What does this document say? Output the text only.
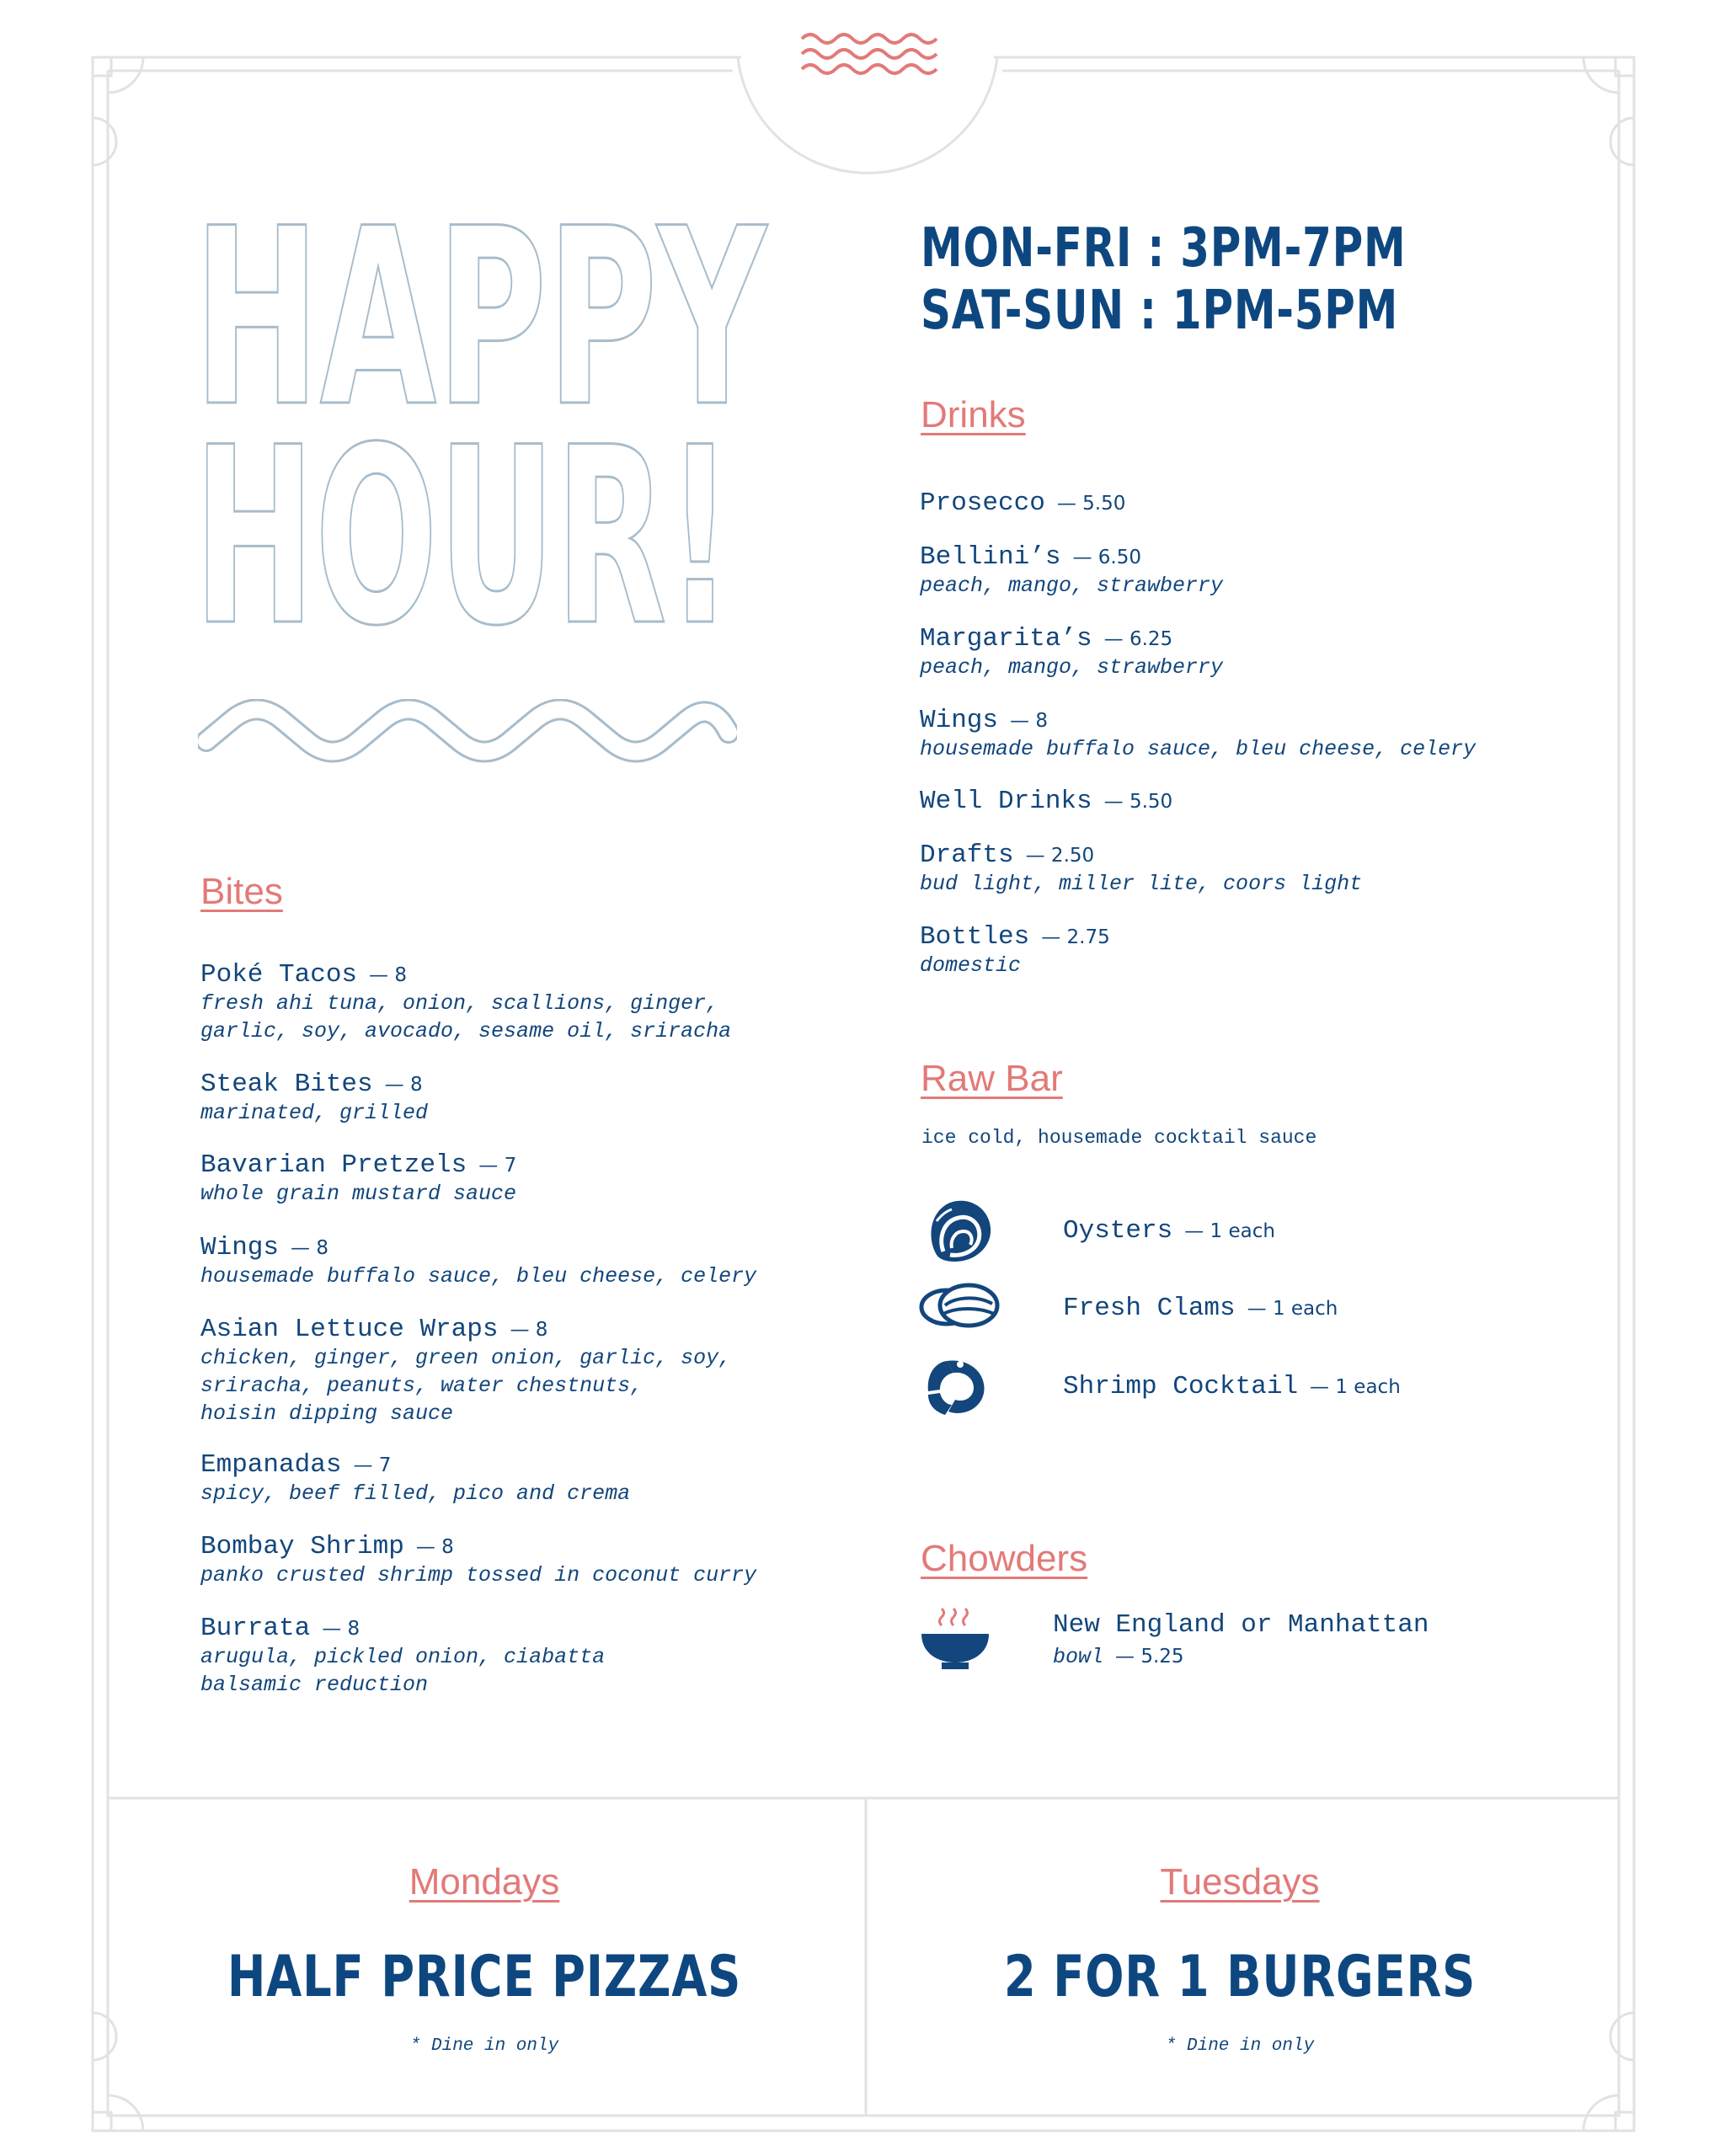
HAPPY
HOUR!
MON-FRI : 3PM-7PM
SAT-SUN : 1PM-5PM
Drinks
Prosecco — 5.50
Bellini’s — 6.50
peach, mango, strawberry
Margarita’s — 6.25
peach, mango, strawberry
Wings — 8
housemade buffalo sauce, bleu cheese, celery
Well Drinks — 5.50
Drafts — 2.50
bud light, miller lite, coors light
Bottles — 2.75
domestic
Bites
Poké Tacos — 8
fresh ahi tuna, onion, scallions, ginger,
garlic, soy, avocado, sesame oil, sriracha
Steak Bites — 8
marinated, grilled
Bavarian Pretzels — 7
whole grain mustard sauce
Wings — 8
housemade buffalo sauce, bleu cheese, celery
Asian Lettuce Wraps — 8
chicken, ginger, green onion, garlic, soy,
sriracha, peanuts, water chestnuts,
hoisin dipping sauce
Empanadas — 7
spicy, beef filled, pico and crema
Bombay Shrimp — 8
panko crusted shrimp tossed in coconut curry
Burrata — 8
arugula, pickled onion, ciabatta
balsamic reduction
Raw Bar
ice cold, housemade cocktail sauce
Oysters — 1 each
Fresh Clams — 1 each
Shrimp Cocktail — 1 each
Chowders
New England or Manhattan
bowl — 5.25
Mondays
HALF PRICE PIZZAS
* Dine in only
Tuesdays
2 FOR 1 BURGERS
* Dine in only
